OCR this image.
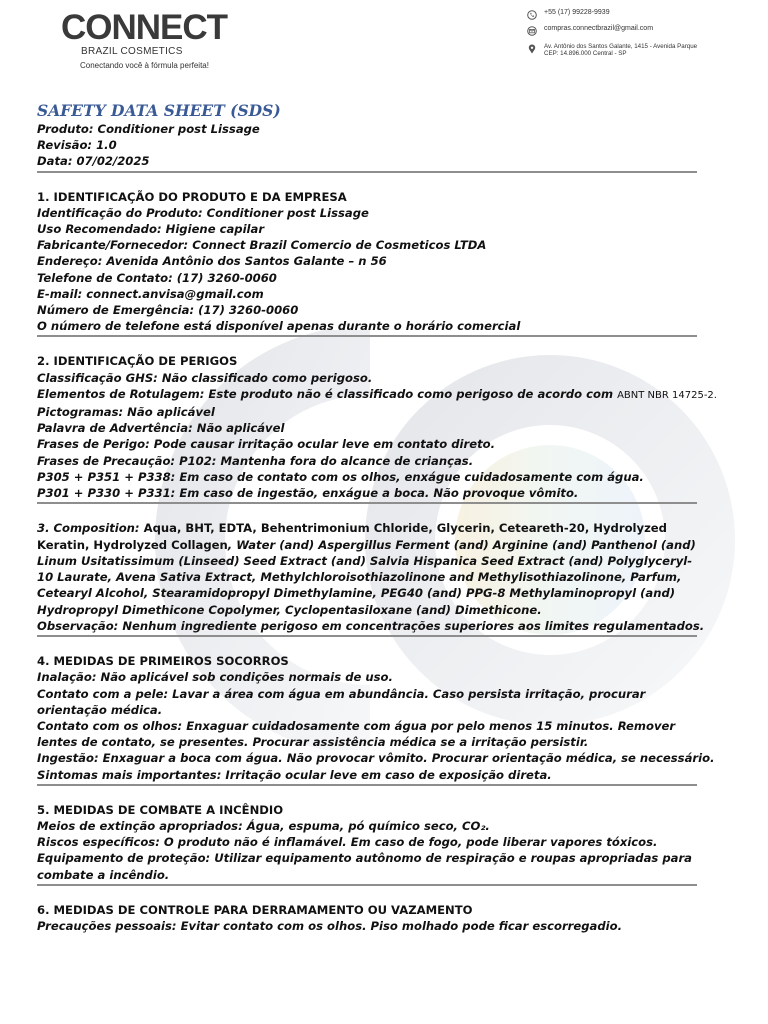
CONNECT
BRAZIL COSMETICS
Conectando você à fórmula perfeita!
+55 (17) 99228-9939
compras.connectbrazil@gmail.com
Av. Antônio dos Santos Galante, 1415 - Avenida Parque
CEP: 14.896.000 Central - SP
SAFETY DATA SHEET (SDS)
Produto: Conditioner post Lissage
Revisão: 1.0
Data: 07/02/2025
1. IDENTIFICAÇÃO DO PRODUTO E DA EMPRESA
Identificação do Produto: Conditioner post Lissage
Uso Recomendado: Higiene capilar
Fabricante/Fornecedor: Connect Brazil Comercio de Cosmeticos LTDA
Endereço: Avenida Antônio dos Santos Galante – n 56
Telefone de Contato: (17) 3260-0060
E-mail: connect.anvisa@gmail.com
Número de Emergência: (17) 3260-0060
O número de telefone está disponível apenas durante o horário comercial
2. IDENTIFICAÇÃO DE PERIGOS
Classificação GHS: Não classificado como perigoso.
Elementos de Rotulagem: Este produto não é classificado como perigoso de acordo com ABNT NBR 14725-2.
Pictogramas: Não aplicável
Palavra de Advertência: Não aplicável
Frases de Perigo: Pode causar irritação ocular leve em contato direto.
Frases de Precaução: P102: Mantenha fora do alcance de crianças.
P305 + P351 + P338: Em caso de contato com os olhos, enxágue cuidadosamente com água.
P301 + P330 + P331: Em caso de ingestão, enxágue a boca. Não provoque vômito.
3. Composition: Aqua, BHT, EDTA, Behentrimonium Chloride, Glycerin, Ceteareth-20, Hydrolyzed Keratin, Hydrolyzed Collagen, Water (and) Aspergillus Ferment (and) Arginine (and) Panthenol (and) Linum Usitatissimum (Linseed) Seed Extract (and) Salvia Hispanica Seed Extract (and) Polyglyceryl-10 Laurate, Avena Sativa Extract, Methylchloroisothiazolinone and Methylisothiazolinone, Parfum, Cetearyl Alcohol, Stearamidopropyl Dimethylamine, PEG40 (and) PPG-8 Methylaminopropyl (and) Hydropropyl Dimethicone Copolymer, Cyclopentasiloxane (and) Dimethicone.
Observação: Nenhum ingrediente perigoso em concentrações superiores aos limites regulamentados.
4. MEDIDAS DE PRIMEIROS SOCORROS
Inalação: Não aplicável sob condições normais de uso.
Contato com a pele: Lavar a área com água em abundância. Caso persista irritação, procurar orientação médica.
Contato com os olhos: Enxaguar cuidadosamente com água por pelo menos 15 minutos. Remover lentes de contato, se presentes. Procurar assistência médica se a irritação persistir.
Ingestão: Enxaguar a boca com água. Não provocar vômito. Procurar orientação médica, se necessário.
Sintomas mais importantes: Irritação ocular leve em caso de exposição direta.
5. MEDIDAS DE COMBATE A INCÊNDIO
Meios de extinção apropriados: Água, espuma, pó químico seco, CO₂.
Riscos específicos: O produto não é inflamável. Em caso de fogo, pode liberar vapores tóxicos.
Equipamento de proteção: Utilizar equipamento autônomo de respiração e roupas apropriadas para combate a incêndio.
6. MEDIDAS DE CONTROLE PARA DERRAMAMENTO OU VAZAMENTO
Precauções pessoais: Evitar contato com os olhos. Piso molhado pode ficar escorregadio.
